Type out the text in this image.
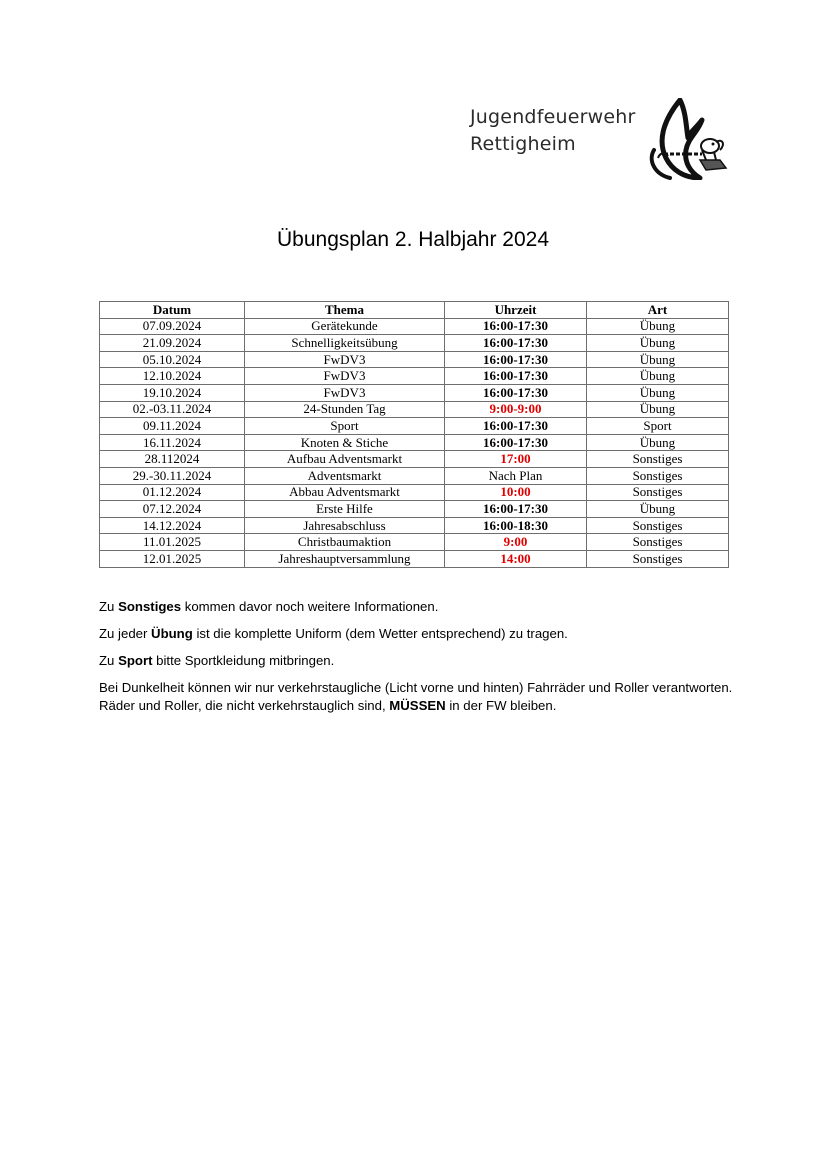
Jugendfeuerwehr
Rettigheim
Übungsplan 2. Halbjahr 2024
Datum	Thema	Uhrzeit	Art
07.09.2024	Gerätekunde	16:00-17:30	Übung
21.09.2024	Schnelligkeitsübung	16:00-17:30	Übung
05.10.2024	FwDV3	16:00-17:30	Übung
12.10.2024	FwDV3	16:00-17:30	Übung
19.10.2024	FwDV3	16:00-17:30	Übung
02.-03.11.2024	24-Stunden Tag	9:00-9:00	Übung
09.11.2024	Sport	16:00-17:30	Sport
16.11.2024	Knoten & Stiche	16:00-17:30	Übung
28.112024	Aufbau Adventsmarkt	17:00	Sonstiges
29.-30.11.2024	Adventsmarkt	Nach Plan	Sonstiges
01.12.2024	Abbau Adventsmarkt	10:00	Sonstiges
07.12.2024	Erste Hilfe	16:00-17:30	Übung
14.12.2024	Jahresabschluss	16:00-18:30	Sonstiges
11.01.2025	Christbaumaktion	9:00	Sonstiges
12.01.2025	Jahreshauptversammlung	14:00	Sonstiges

Zu Sonstiges kommen davor noch weitere Informationen.

Zu jeder Übung ist die komplette Uniform (dem Wetter entsprechend) zu tragen.

Zu Sport bitte Sportkleidung mitbringen.

Bei Dunkelheit können wir nur verkehrstaugliche (Licht vorne und hinten) Fahrräder und Roller verantworten. Räder und Roller, die nicht verkehrstauglich sind, MÜSSEN in der FW bleiben.
